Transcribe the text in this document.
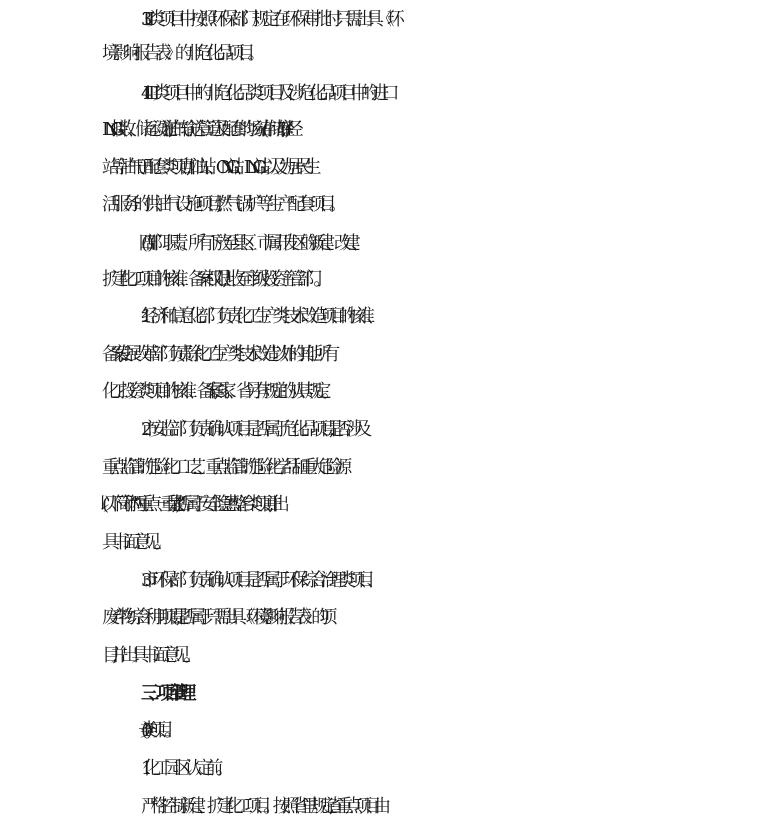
3.Ⅱ类项目中按照环保部门规定在环保审批时只需出具《环
境影响报告表》的非危化品项目。
4.Ⅲ类项目中的非危化品类项目及涉危化品项目中的进口
LNG 接收、储运设施,油气输送管道及配套的场站(存储库),轻烃
站等油气田配套类项目,加油站、CNG 站、LNG 站以及为居民生
活服务的供油气设施项目,燃气锅炉等生产配套项目。
(四)部门职责。所有下放至县区、市属开发区的新建、改建、
扩建化工项目的核准、备案权限,上收至市级投资主管部门。
1.经济和信息化部门负责化工生产类技术改造项目的核准、
备案;发展改革部门负责除化工生产类技术改造以外的其他所有
化工投资类项目的核准、备案,国家、省另有规定的从其规定。
2.市安监部门负责确认项目是否属于危化品项目,是否涉及
重点监管的危险化工工艺、重点监管的危险化学品和重大危险源
(以下简称“两重点一重大”),是否属于安全隐患整治类项目,并出
具书面意见。
3.市环保部门负责确认项目是否属于环保综合治理类项目、
废弃物综合利用项目,是否属于只需出具《环境影响报告表》的项
目,并出具书面意见。
三、项目管理
(一)Ⅰ类项目。
1.化工园区认定前。
严格控制新建、扩建化工项目。按照省里规定,省重点项目由
